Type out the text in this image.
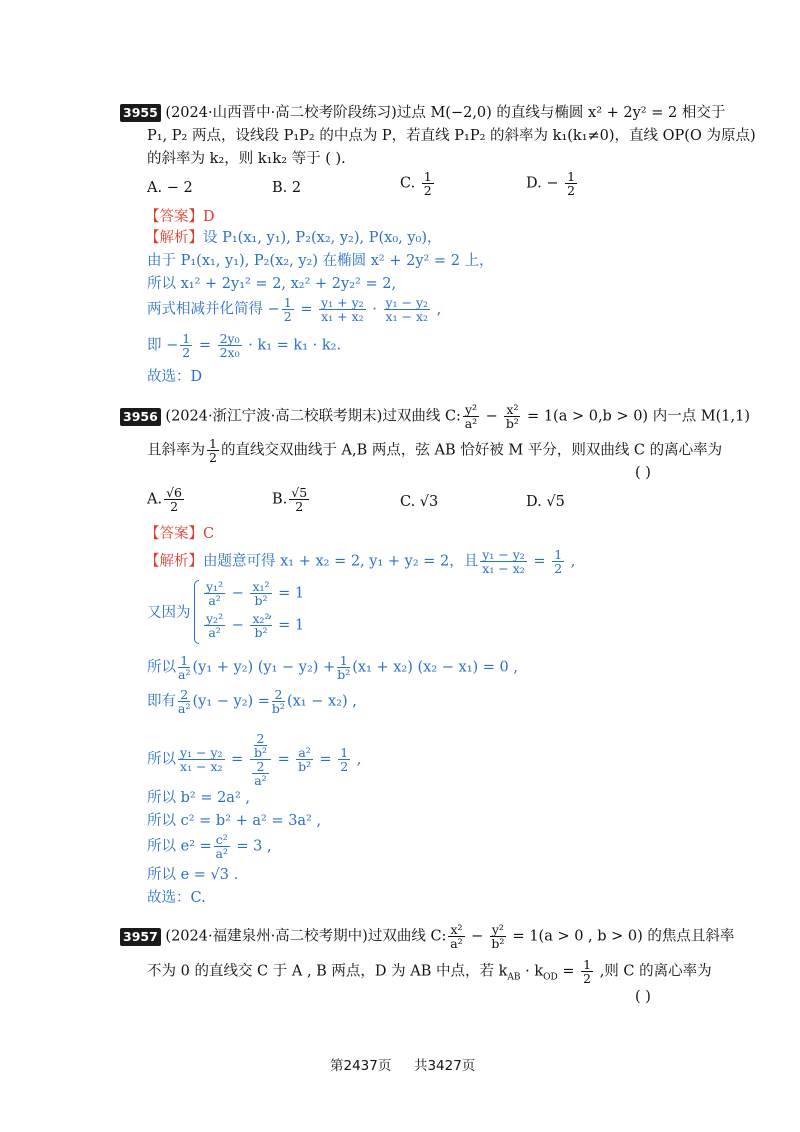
3955 (2024·山西晋中·高二校考阶段练习)过点 M(−2,0) 的直线与椭圆 x² + 2y² = 2 相交于
P₁, P₂ 两点，设线段 P₁P₂ 的中点为 P，若直线 P₁P₂ 的斜率为 k₁(k₁≠0)，直线 OP(O 为原点)
的斜率为 k₂，则 k₁k₂ 等于 ( ).
A. − 2	B. 2	C. $\frac{1}{2}$	D. − $\frac{1}{2}$
【答案】D
【解析】设 P₁(x₁, y₁), P₂(x₂, y₂), P(x₀, y₀)，
由于 P₁(x₁, y₁), P₂(x₂, y₂) 在椭圆 x² + 2y² = 2 上，
所以 x₁² + 2y₁² = 2, x₂² + 2y₂² = 2,
两式相减并化简得 − $\frac{1}{2} = \frac{\text{y₁ + y₂}}{\text{x₁ + x₂}} \cdot \frac{\text{y₁ − y₂}}{\text{x₁ − x₂}}$ ,
即 − $\frac{1}{2} = \frac{\text{2y₀}}{\text{2x₀}} \cdot k_1 = k_1 \cdot k_2$.
故选：D
3956 (2024·浙江宁波·高二校联考期末)过双曲线 C: $\frac{\text{y²}}{\text{a²}} - \frac{\text{x²}}{\text{b²}} = 1(a > 0,b > 0)$ 内一点 M(1,1)
且斜率为 $\frac{1}{2}$ 的直线交双曲线于 A,B 两点，弦 AB 恰好被 M 平分，则双曲线 C 的离心率为
( )
A. $\frac{√6}{2}$	B. $\frac{√5}{2}$	C. √3	D. √5
【答案】C
【解析】由题意可得 x₁ + x₂ = 2, y₁ + y₂ = 2，且 $\frac{\text{y₁ − y₂}}{\text{x₁ − x₂}} = \frac{1}{2}$ ,
又因为
$\frac{\text{y₁²}}{\text{a²}} - \frac{\text{x₁²}}{\text{b²}} = 1$
,
$\frac{\text{y₂²}}{\text{a²}} - \frac{\text{x₂²}}{\text{b²}} = 1$
所以 $\frac{1}{\text{a²}} (y_1 + y_2) (y_1 - y_2) + \frac{1}{\text{b²}} (x_1 + x_2) (x_2 - x_1) = 0$ ,
即有 $\frac{2}{\text{a²}} (y_1 - y_2) = \frac{2}{\text{b²}} (x_1 - x_2)$ ,
所以 $\frac{\text{y₁ − y₂}}{\text{x₁ − x₂}} = 2$
b²
2
$a^2 = \frac{\text{a²}}{\text{b²}} = \frac{1}{2}$ ,
所以 b² = 2a² ,
所以 c² = b² + a² = 3a² ,
所以 $e^2 = \frac{\text{c²}}{\text{a²}} = 3$ ,
所以 e = √3 .
故选：C.
3957 (2024·福建泉州·高二校考期中)过双曲线 C: $\frac{\text{x²}}{\text{a²}} - \frac{\text{y²}}{\text{b²}} = 1(a > 0$ , b > 0) 的焦点且斜率
不为 0 的直线交 C 于 A , B 两点，D 为 AB 中点，若 $k_{AB} \cdot k_{OD} = \frac{1}{2}$ ,则 C 的离心率为
( )
第2437页 共3427页
